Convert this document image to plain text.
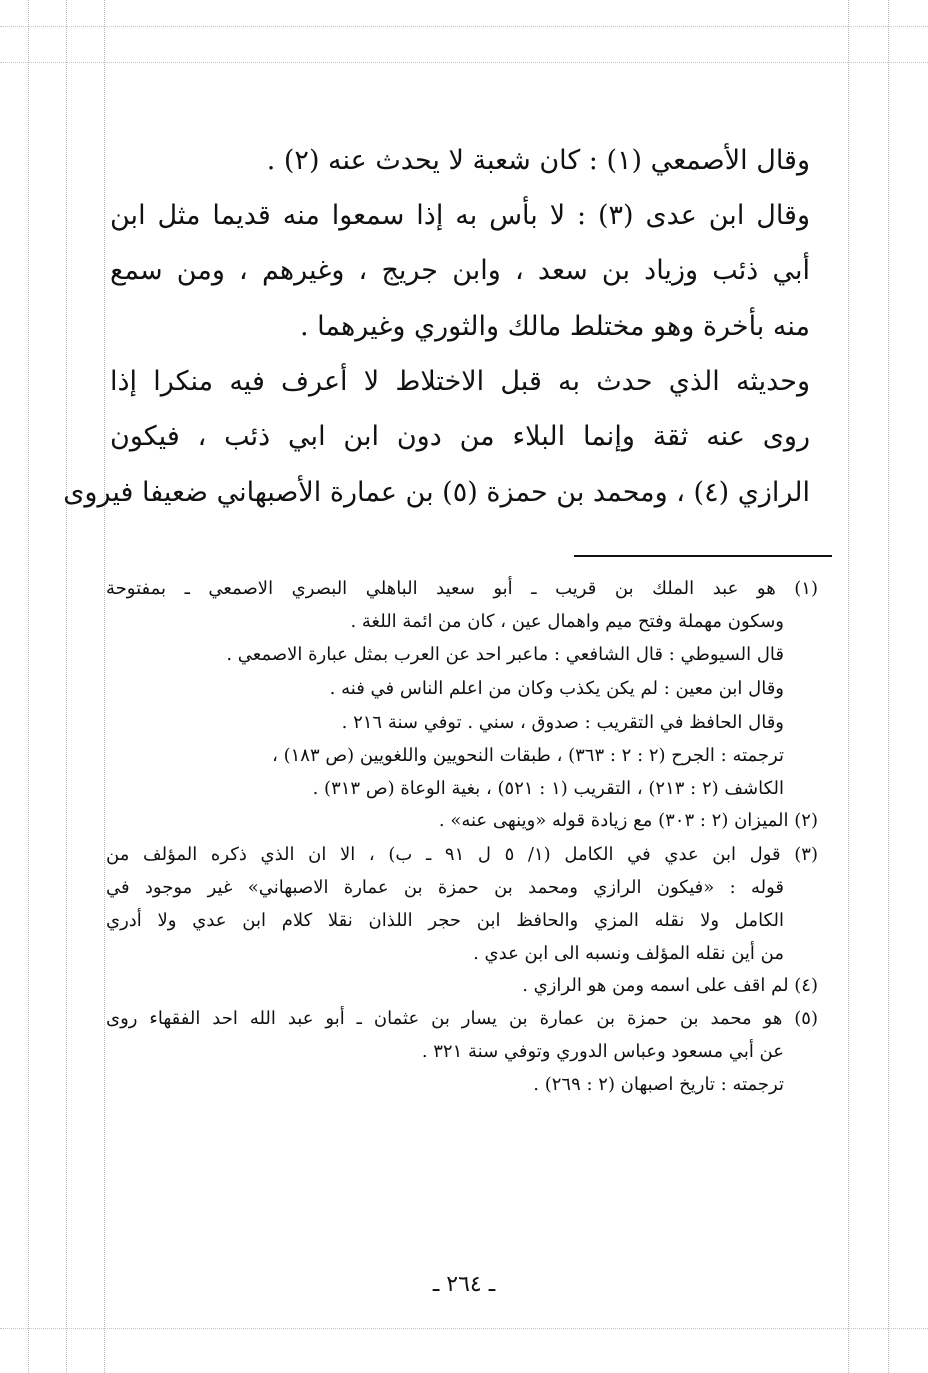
وقال الأصمعي (١) : كان شعبة لا يحدث عنه (٢) .
وقال ابن عدى (٣) : لا بأس به إذا سمعوا منه قديما مثل ابن
أبي ذئب وزياد بن سعد ، وابن جريج ، وغيرهم ، ومن سمع
منه بأخرة وهو مختلط مالك والثوري وغيرهما .
وحديثه الذي حدث به قبل الاختلاط لا أعرف فيه منكرا إذا
روى عنه ثقة وإنما البلاء من دون ابن ابي ذئب ، فيكون
الرازي (٤) ، ومحمد بن حمزة (٥) بن عمارة الأصبهاني ضعيفا فيروى
(١) هو عبد الملك بن قريب ـ أبو سعيد الباهلي البصري الاصمعي ـ بمفتوحة
وسكون مهملة وفتح ميم واهمال عين ، كان من ائمة اللغة .
قال السيوطي : قال الشافعي : ماعبر احد عن العرب بمثل عبارة الاصمعي .
وقال ابن معين : لم يكن يكذب وكان من اعلم الناس في فنه .
وقال الحافظ في التقريب : صدوق ، سني . توفي سنة ٢١٦ .
ترجمته : الجرح (٢ : ٢ : ٣٦٣) ، طبقات النحويين واللغويين (ص ١٨٣) ،
الكاشف (٢ : ٢١٣) ، التقريب (١ : ٥٢١) ، بغية الوعاة (ص ٣١٣) .
(٢) الميزان (٢ : ٣٠٣) مع زيادة قوله «وينهى عنه» .
(٣) قول ابن عدي في الكامل (١/ ٥ ل ٩١ ـ ب) ، الا ان الذي ذكره المؤلف من
قوله : «فيكون الرازي ومحمد بن حمزة بن عمارة الاصبهاني» غير موجود في
الكامل ولا نقله المزي والحافظ ابن حجر اللذان نقلا كلام ابن عدي ولا أدري
من أين نقله المؤلف ونسبه الى ابن عدي .
(٤) لم اقف على اسمه ومن هو الرازي .
(٥) هو محمد بن حمزة بن عمارة بن يسار بن عثمان ـ أبو عبد الله احد الفقهاء روى
عن أبي مسعود وعباس الدوري وتوفي سنة ٣٢١ .
ترجمته : تاريخ اصبهان (٢ : ٢٦٩) .
ـ ٢٦٤ ـ
